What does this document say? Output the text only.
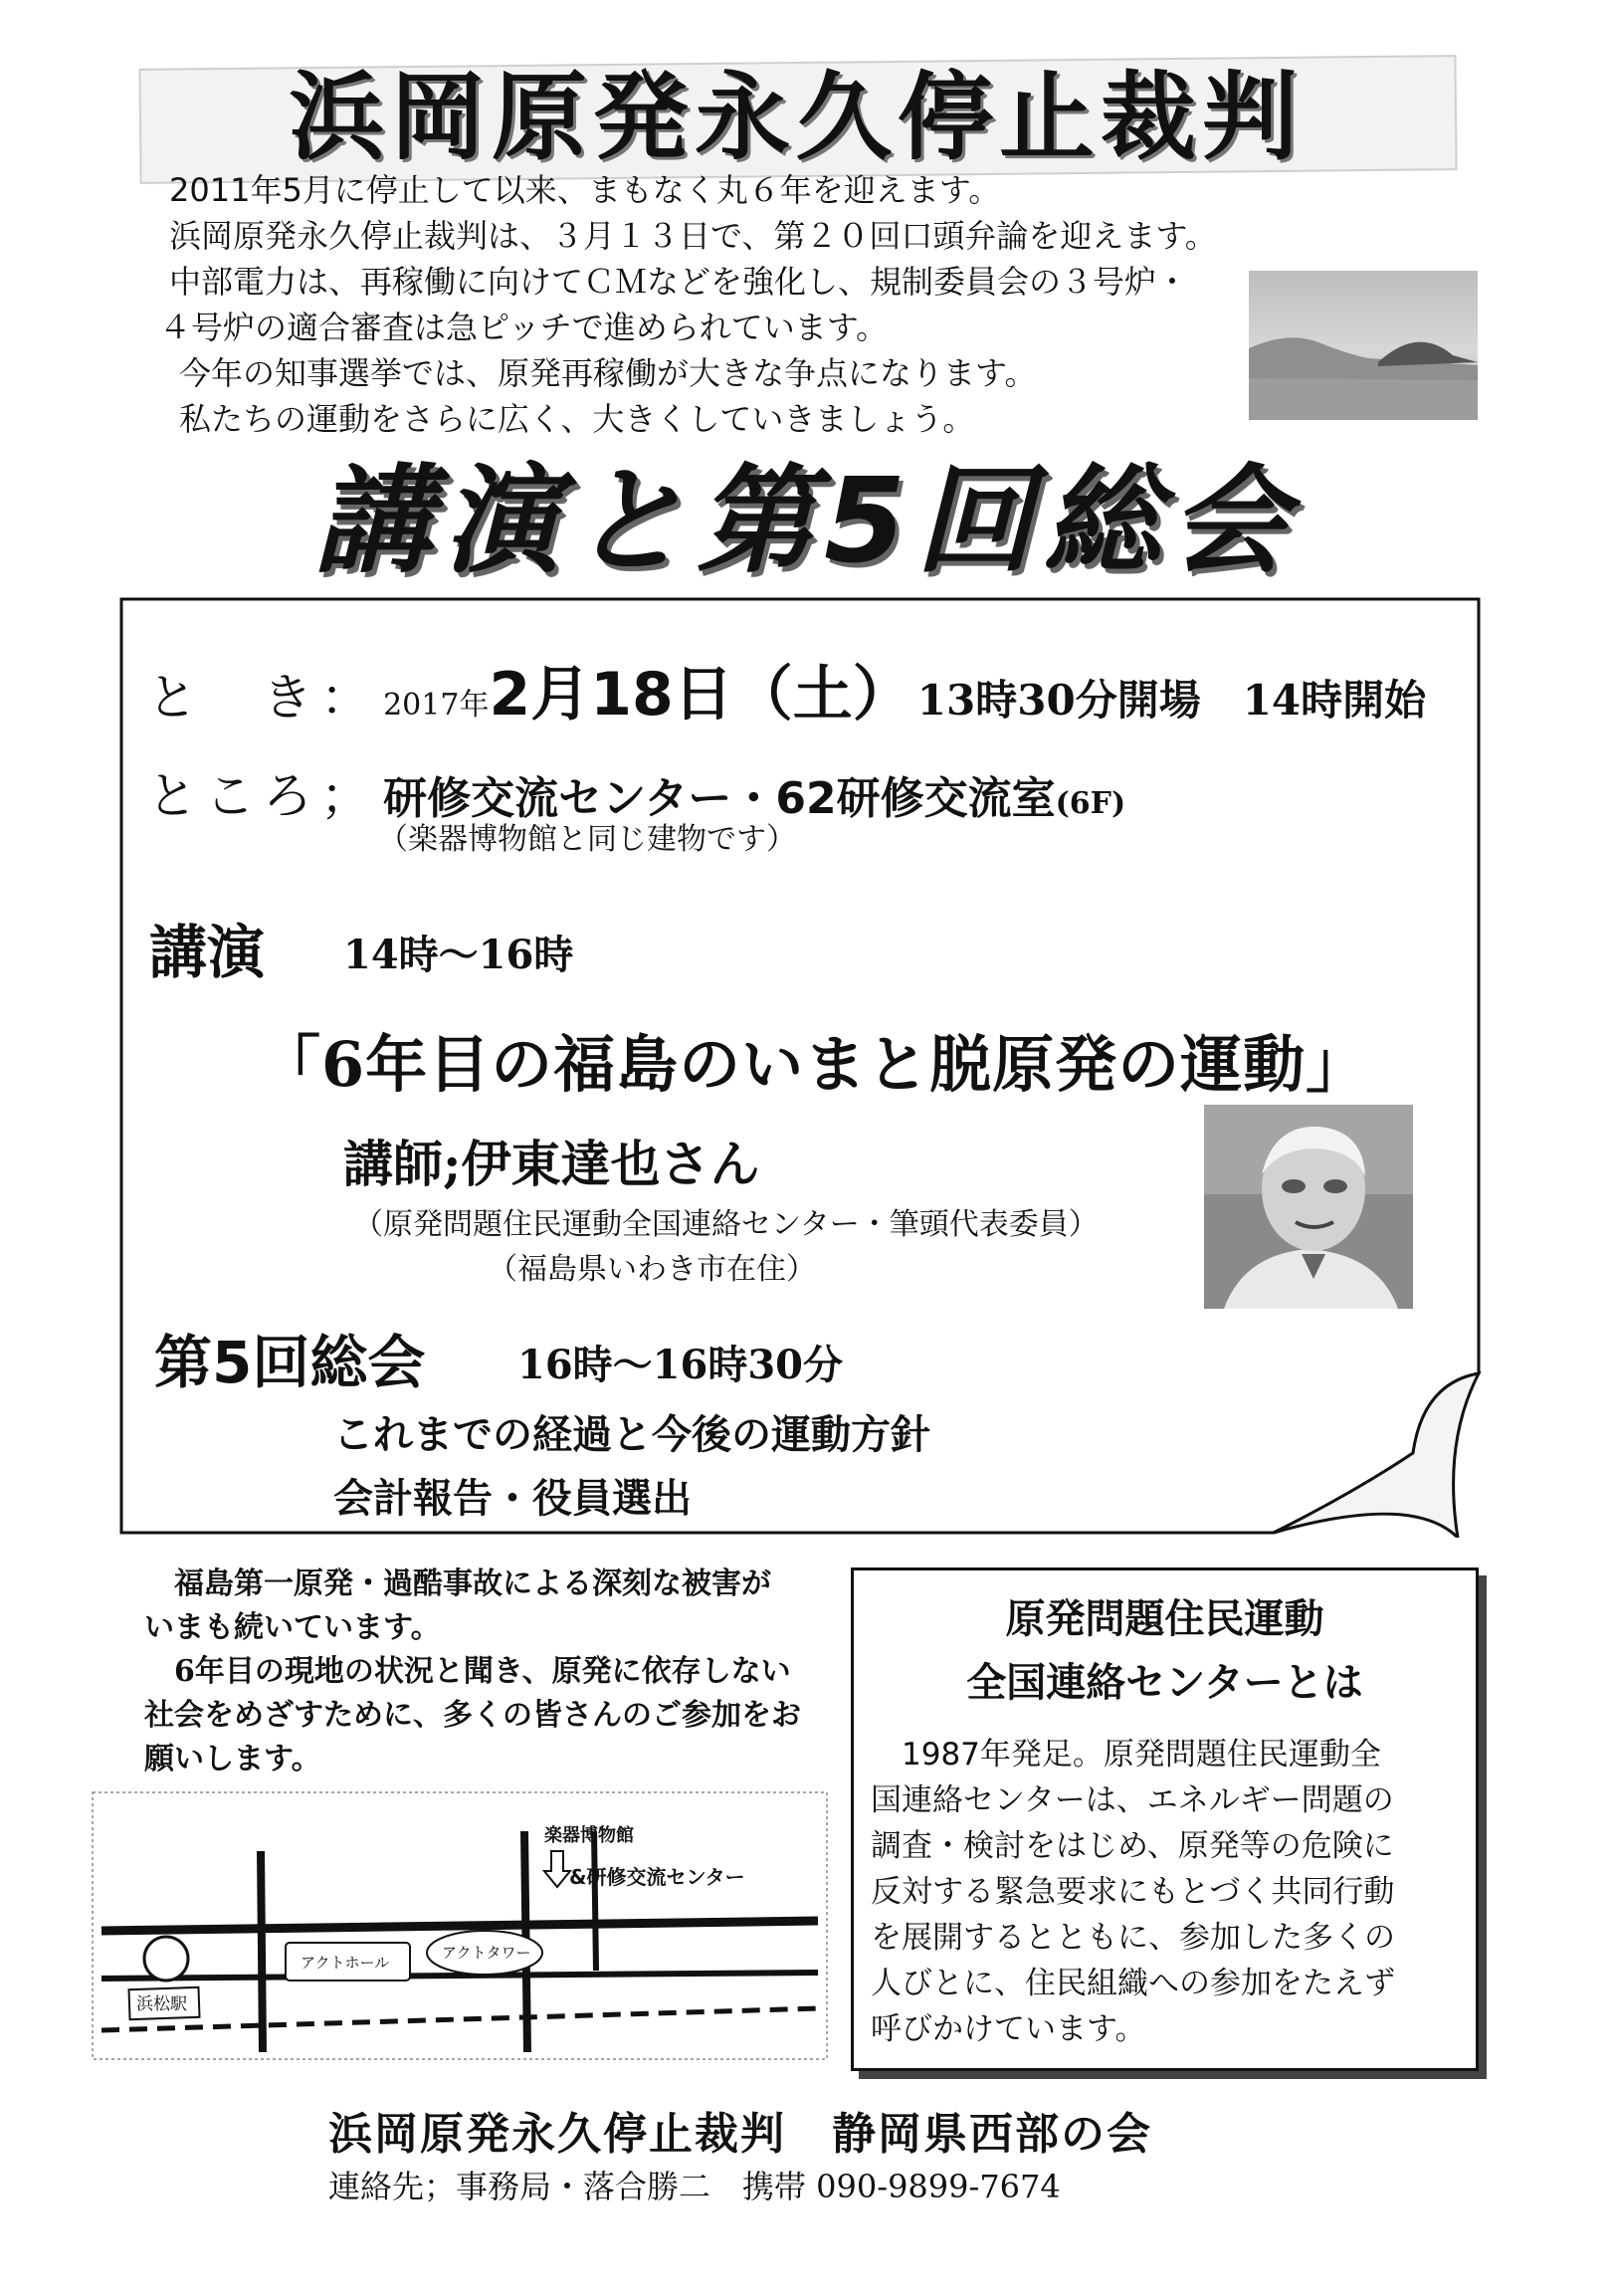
浜岡原発永久停止裁判

2011年5月に停止して以来、まもなく丸６年を迎えます。

浜岡原発永久停止裁判は、３月１３日で、第２０回口頭弁論を迎えます。

中部電力は、再稼働に向けてＣＭなどを強化し、規制委員会の３号炉・

４号炉の適合審査は急ピッチで進められています。

今年の知事選挙では、原発再稼働が大きな争点になります。

私たちの運動をさらに広く、大きくしていきましょう。

講演と第5回総会
と　き： 2017年2月18日（土） 13時30分開場　14時開始
ところ； 研修交流センター・62研修交流室(6F)
（楽器博物館と同じ建物です）
講演 14時～16時
「6年目の福島のいまと脱原発の運動」
講師;伊東達也さん
（原発問題住民運動全国連絡センター・筆頭代表委員）
（福島県いわき市在住）
第5回総会 16時～16時30分
これまでの経過と今後の運動方針
会計報告・役員選出

　福島第一原発・過酷事故による深刻な被害が

いまも続いています。

　6年目の現地の状況と聞き、原発に依存しない

社会をめざすために、多くの皆さんのご参加をお

願いします。

浜松駅
アクトホール
アクトタワー
楽器博物館
&研修交流センター
原発問題住民運動
全国連絡センターとは

　1987年発足。原発問題住民運動全

国連絡センターは、エネルギー問題の

調査・検討をはじめ、原発等の危険に

反対する緊急要求にもとづく共同行動

を展開するとともに、参加した多くの

人びとに、住民組織への参加をたえず

呼びかけています。

浜岡原発永久停止裁判　静岡県西部の会
連絡先；事務局・落合勝二　携帯 090-9899-7674
